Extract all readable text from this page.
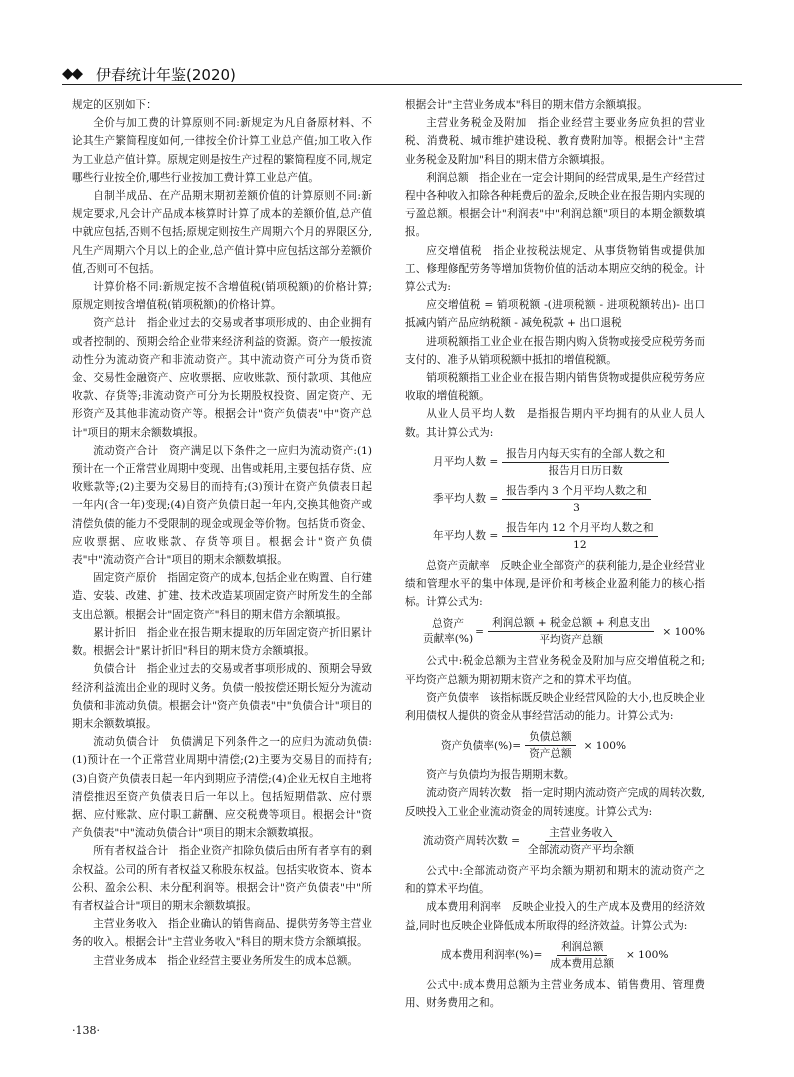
◆◆ 伊春统计年鉴(2020)

规定的区别如下：

全价与加工费的计算原则不同:新规定为凡自备原材料、不论其生产繁简程度如何,一律按全价计算工业总产值;加工收入作为工业总产值计算。原规定则是按生产过程的繁简程度不同,规定哪些行业按全价,哪些行业按加工费计算工业总产值。

自制半成品、在产品期末期初差额价值的计算原则不同:新规定要求,凡会计产品成本核算时计算了成本的差额价值,总产值中就应包括,否则不包括;原规定则按生产周期六个月的界限区分,凡生产周期六个月以上的企业,总产值计算中应包括这部分差额价值,否则可不包括。

计算价格不同:新规定按不含增值税(销项税额)的价格计算;原规定则按含增值税(销项税额)的价格计算。

资产总计　指企业过去的交易或者事项形成的、由企业拥有或者控制的、预期会给企业带来经济利益的资源。资产一般按流动性分为流动资产和非流动资产。其中流动资产可分为货币资金、交易性金融资产、应收票据、应收账款、预付款项、其他应收款、存货等;非流动资产可分为长期股权投资、固定资产、无形资产及其他非流动资产等。根据会计"资产负债表"中"资产总计"项目的期末余额数填报。

流动资产合计　资产满足以下条件之一应归为流动资产:(1)预计在一个正常营业周期中变现、出售或耗用,主要包括存货、应收账款等;(2)主要为交易目的而持有;(3)预计在资产负债表日起一年内(含一年)变现;(4)自资产负债日起一年内,交换其他资产或清偿负债的能力不受限制的现金或现金等价物。包括货币资金、应收票据、应收账款、存货等项目。根据会计"资产负债表"中"流动资产合计"项目的期末余额数填报。

固定资产原价　指固定资产的成本,包括企业在购置、自行建造、安装、改建、扩建、技术改造某项固定资产时所发生的全部支出总额。根据会计"固定资产"科目的期末借方余额填报。

累计折旧　指企业在报告期末提取的历年固定资产折旧累计数。根据会计"累计折旧"科目的期末贷方余额填报。

负债合计　指企业过去的交易或者事项形成的、预期会导致经济利益流出企业的现时义务。负债一般按偿还期长短分为流动负债和非流动负债。根据会计"资产负债表"中"负债合计"项目的期末余额数填报。

流动负债合计　负债满足下列条件之一的应归为流动负债:(1)预计在一个正常营业周期中清偿;(2)主要为交易目的而持有;(3)自资产负债表日起一年内到期应予清偿;(4)企业无权自主地将清偿推迟至资产负债表日后一年以上。包括短期借款、应付票据、应付账款、应付职工薪酬、应交税费等项目。根据会计"资产负债表"中"流动负债合计"项目的期末余额数填报。

所有者权益合计　指企业资产扣除负债后由所有者享有的剩余权益。公司的所有者权益又称股东权益。包括实收资本、资本公积、盈余公积、未分配利润等。根据会计"资产负债表"中"所有者权益合计"项目的期末余额数填报。

主营业务收入　指企业确认的销售商品、提供劳务等主营业务的收入。根据会计"主营业务收入"科目的期末贷方余额填报。

主营业务成本　指企业经营主要业务所发生的成本总额。

根据会计"主营业务成本"科目的期末借方余额填报。

主营业务税金及附加　指企业经营主要业务应负担的营业税、消费税、城市维护建设税、教育费附加等。根据会计"主营业务税金及附加"科目的期末借方余额填报。

利润总额　指企业在一定会计期间的经营成果,是生产经营过程中各种收入扣除各种耗费后的盈余,反映企业在报告期内实现的亏盈总额。根据会计"利润表"中"利润总额"项目的本期金额数填报。

应交增值税　指企业按税法规定、从事货物销售或提供加工、修理修配劳务等增加货物价值的活动本期应交纳的税金。计算公式为:

应交增值税 = 销项税额 -(进项税额 - 进项税额转出)- 出口抵减内销产品应纳税额 - 减免税款 + 出口退税

进项税额指工业企业在报告期内购入货物或接受应税劳务而支付的、准予从销项税额中抵扣的增值税额。

销项税额指工业企业在报告期内销售货物或提供应税劳务应收取的增值税额。

从业人员平均人数　是指报告期内平均拥有的从业人员人数。其计算公式为:

月平均人数 = $\frac{\text{报告月内每天实有的全部人数之和}}{\text{报告月日历日数}}$
季平均人数 = $\frac{\text{报告季内 3 个月平均人数之和}}{3}$
年平均人数 = $\frac{\text{报告年内 12 个月平均人数之和}}{12}$

总资产贡献率　反映企业全部资产的获利能力,是企业经营业绩和管理水平的集中体现,是评价和考核企业盈利能力的核心指标。计算公式为:

总资产
贡献率(%)
= $\frac{\text{利润总额 + 税金总额 + 利息支出}}{\text{平均资产总额}} \times 100\%$

公式中:税金总额为主营业务税金及附加与应交增值税之和;平均资产总额为期初期末资产之和的算术平均值。

资产负债率　该指标既反映企业经营风险的大小,也反映企业利用债权人提供的资金从事经营活动的能力。计算公式为:

资产负债率(%)= $\frac{\text{负债总额}}{\text{资产总额}} \times 100\%$

资产与负债均为报告期期末数。

流动资产周转次数　指一定时期内流动资产完成的周转次数,反映投入工业企业流动资金的周转速度。计算公式为:

流动资产周转次数 = $\frac{\text{主营业务收入}}{\text{全部流动资产平均余额}}$

公式中:全部流动资产平均余额为期初和期末的流动资产之和的算术平均值。

成本费用利润率　反映企业投入的生产成本及费用的经济效益,同时也反映企业降低成本所取得的经济效益。计算公式为:

成本费用利润率(%)= $\frac{\text{利润总额}}{\text{成本费用总额}} \times 100\%$

公式中:成本费用总额为主营业务成本、销售费用、管理费用、财务费用之和。

·138·
